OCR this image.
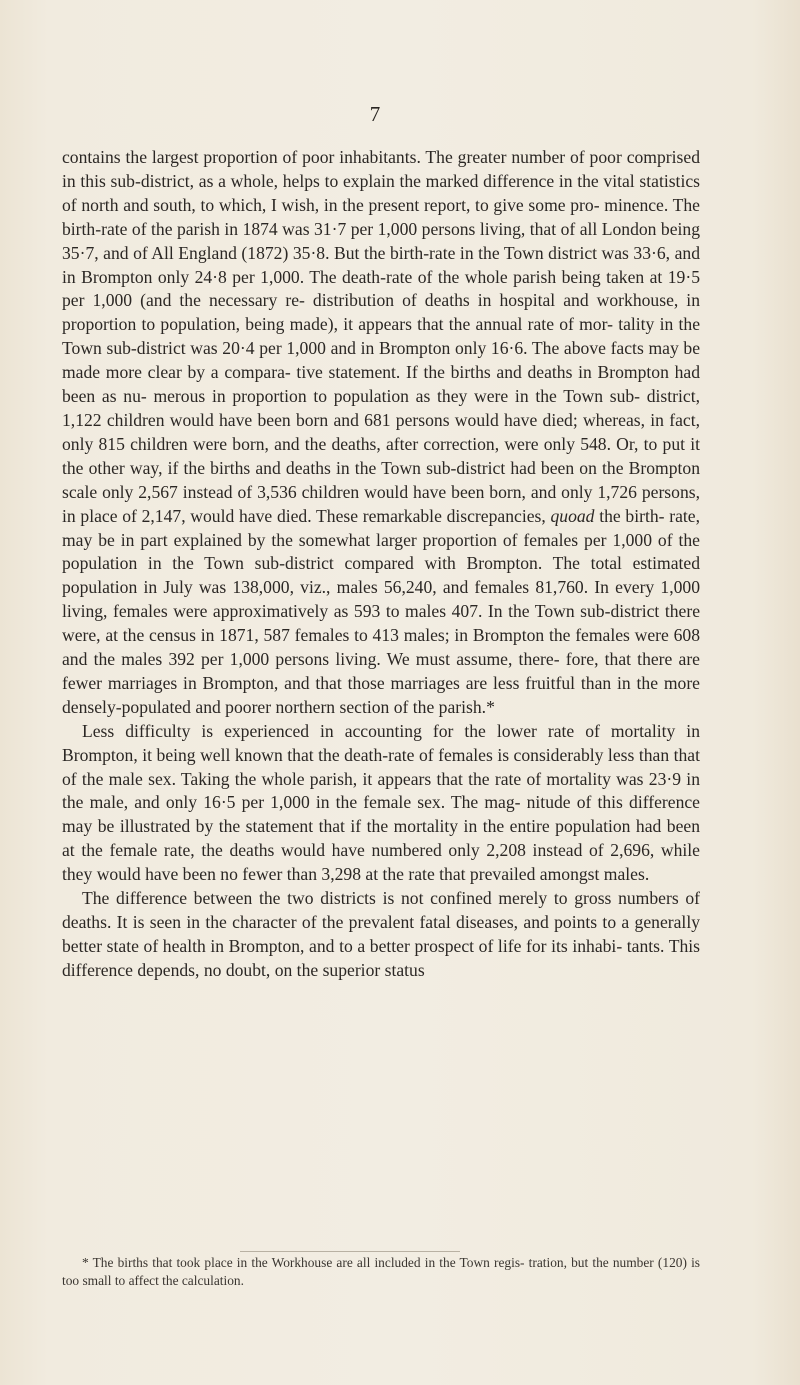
7

contains the largest proportion of poor inhabitants. The greater number of poor comprised in this sub-district, as a whole, helps to explain the marked difference in the vital statistics of north and south, to which, I wish, in the present report, to give some pro- minence. The birth-rate of the parish in 1874 was 31·7 per 1,000 persons living, that of all London being 35·7, and of All England (1872) 35·8. But the birth-rate in the Town district was 33·6, and in Brompton only 24·8 per 1,000. The death-rate of the whole parish being taken at 19·5 per 1,000 (and the necessary re- distribution of deaths in hospital and workhouse, in proportion to population, being made), it appears that the annual rate of mor- tality in the Town sub-district was 20·4 per 1,000 and in Brompton only 16·6. The above facts may be made more clear by a compara- tive statement. If the births and deaths in Brompton had been as nu- merous in proportion to population as they were in the Town sub- district, 1,122 children would have been born and 681 persons would have died; whereas, in fact, only 815 children were born, and the deaths, after correction, were only 548. Or, to put it the other way, if the births and deaths in the Town sub-district had been on the Brompton scale only 2,567 instead of 3,536 children would have been born, and only 1,726 persons, in place of 2,147, would have died. These remarkable discrepancies, quoad the birth- rate, may be in part explained by the somewhat larger proportion of females per 1,000 of the population in the Town sub-district compared with Brompton. The total estimated population in July was 138,000, viz., males 56,240, and females 81,760. In every 1,000 living, females were approximatively as 593 to males 407. In the Town sub-district there were, at the census in 1871, 587 females to 413 males; in Brompton the females were 608 and the males 392 per 1,000 persons living. We must assume, there- fore, that there are fewer marriages in Brompton, and that those marriages are less fruitful than in the more densely-populated and poorer northern section of the parish.*

Less difficulty is experienced in accounting for the lower rate of mortality in Brompton, it being well known that the death-rate of females is considerably less than that of the male sex. Taking the whole parish, it appears that the rate of mortality was 23·9 in the male, and only 16·5 per 1,000 in the female sex. The mag- nitude of this difference may be illustrated by the statement that if the mortality in the entire population had been at the female rate, the deaths would have numbered only 2,208 instead of 2,696, while they would have been no fewer than 3,298 at the rate that prevailed amongst males.

The difference between the two districts is not confined merely to gross numbers of deaths. It is seen in the character of the prevalent fatal diseases, and points to a generally better state of health in Brompton, and to a better prospect of life for its inhabi- tants. This difference depends, no doubt, on the superior status

* The births that took place in the Workhouse are all included in the Town regis- tration, but the number (120) is too small to affect the calculation.
